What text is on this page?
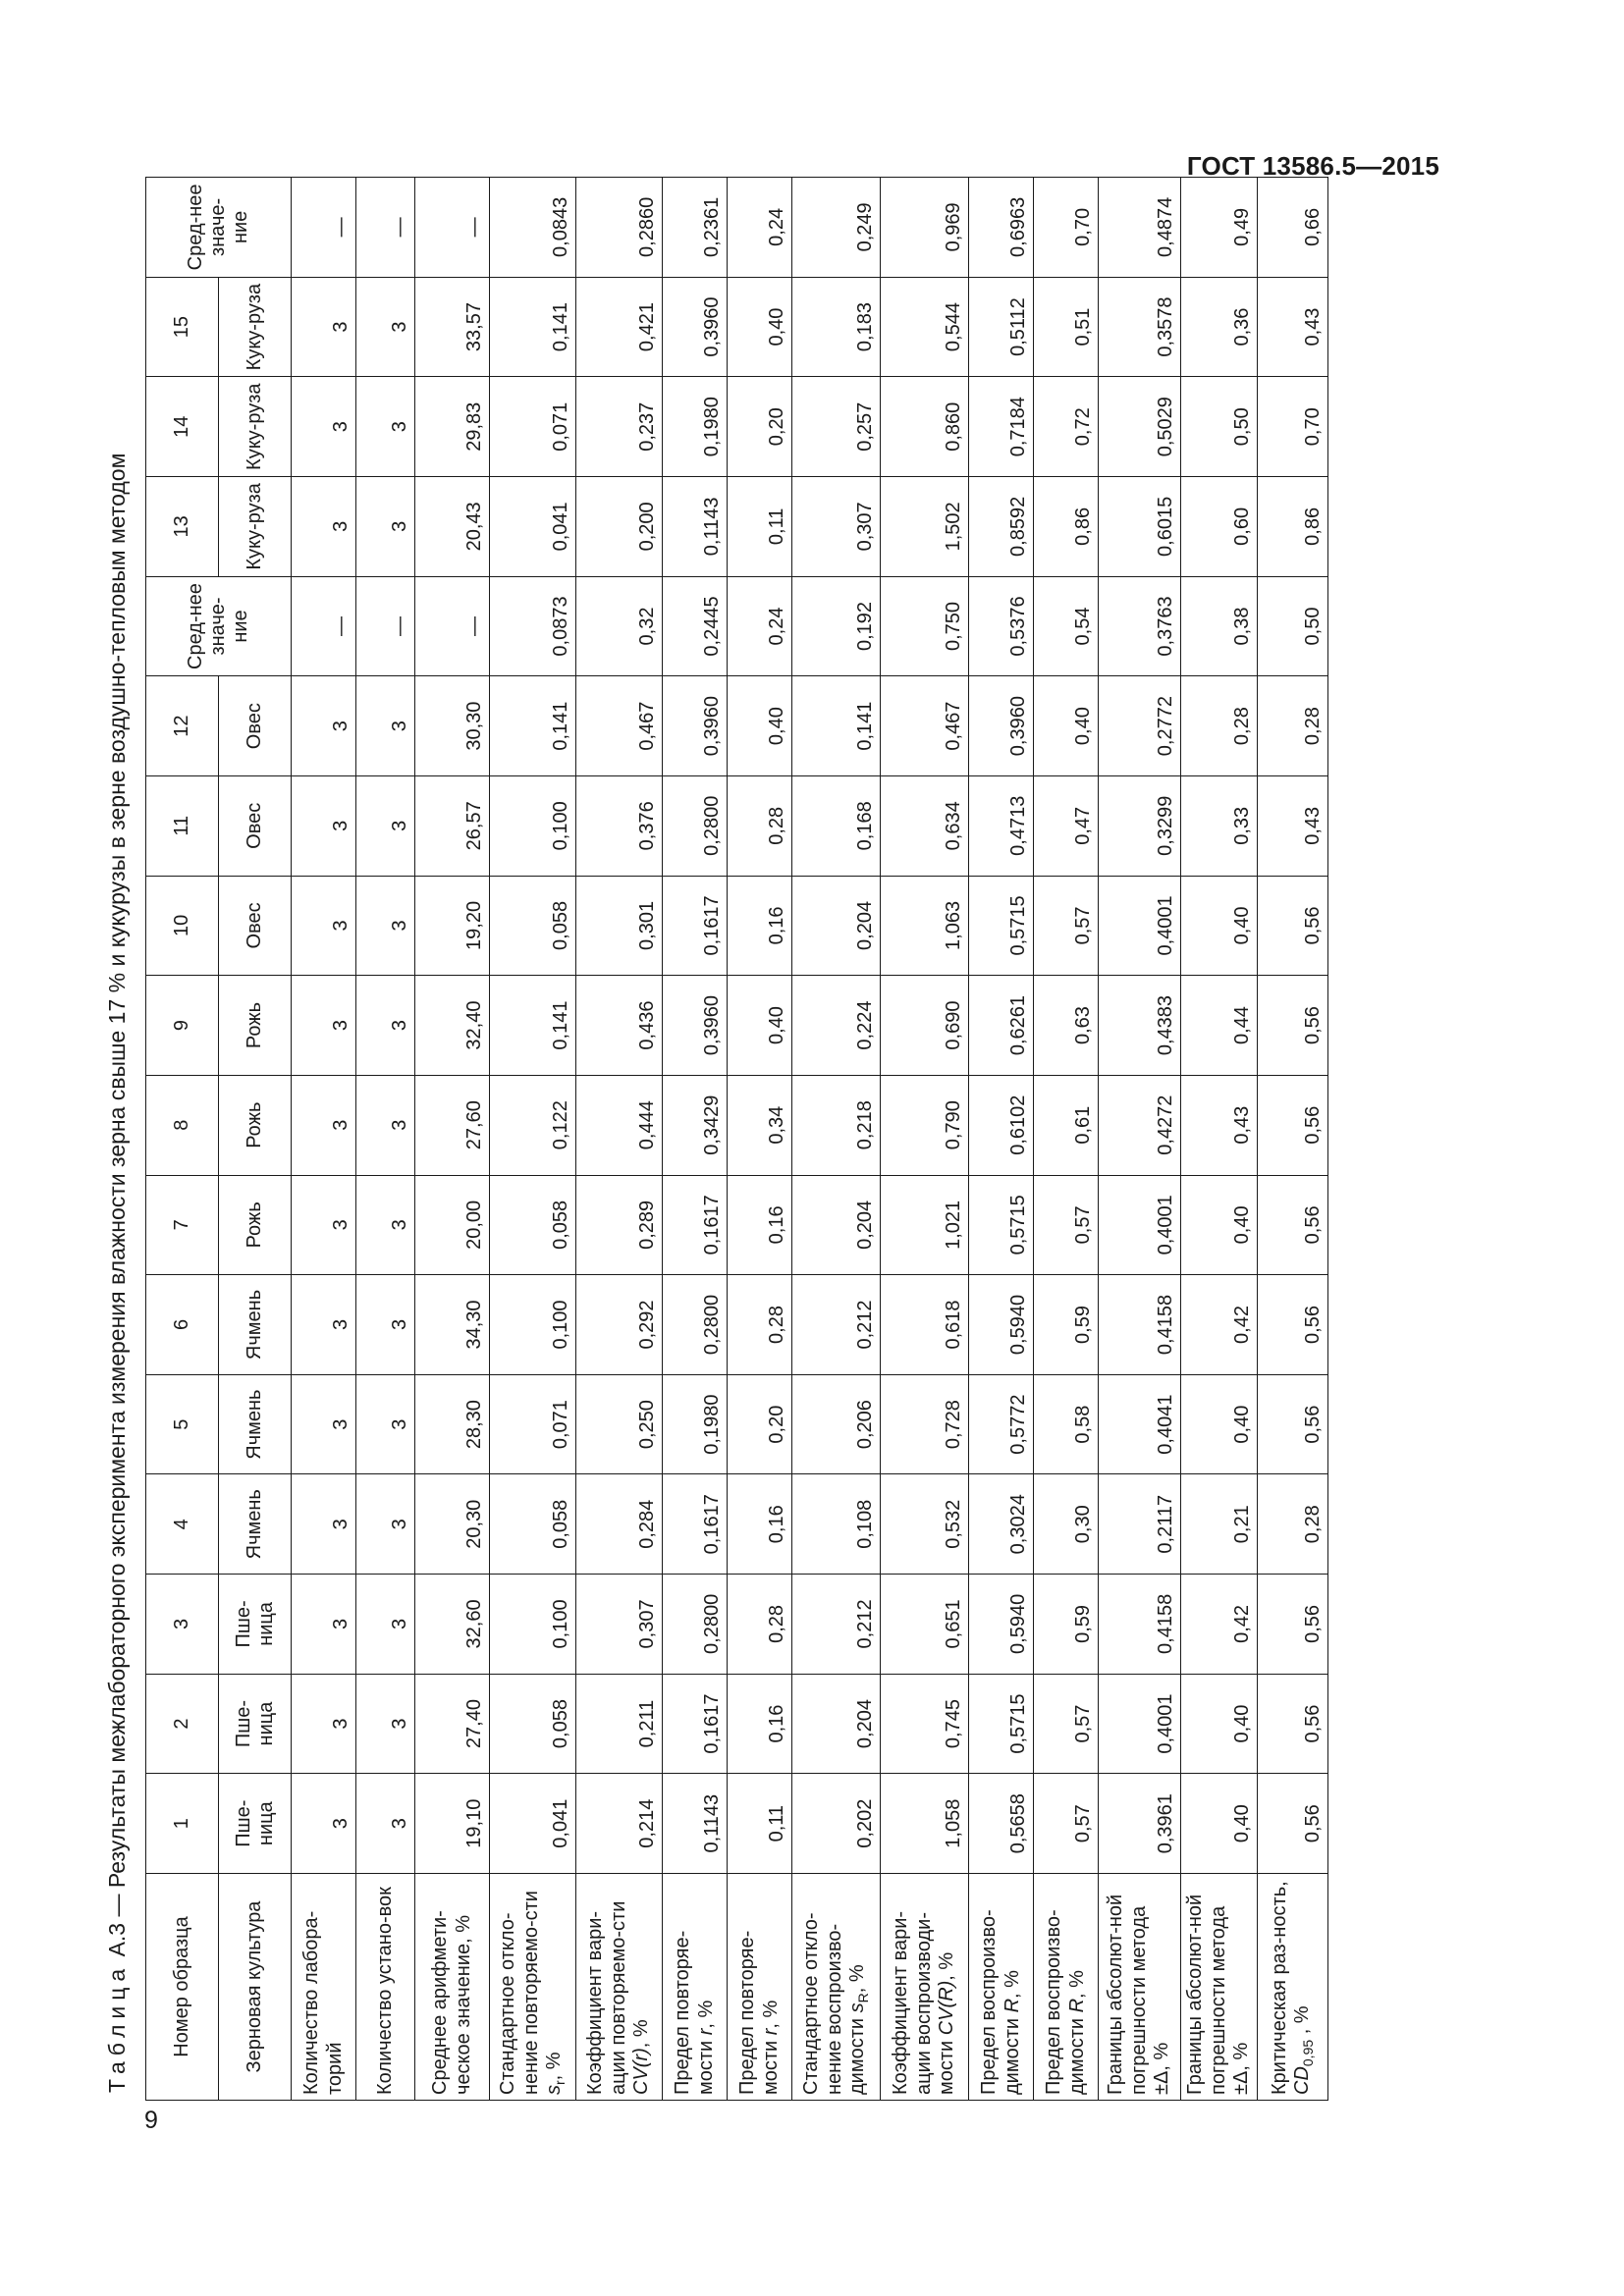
ГОСТ 13586.5—2015
9
Таблица А.3 — Результаты межлабораторного эксперимента измерения влажности зерна свыше 17 % и кукурузы в зерне воздушно-тепловым методом
Номер образца	1	2	3	4	5	6	7	8	9	10	11	12	Сред-нее значе-ние	13	14	15	Сред-нее значе-ние
Зерновая культура	Пше-ница	Пше-ница	Пше-ница	Ячмень	Ячмень	Ячмень	Рожь	Рожь	Рожь	Овес	Овес	Овес		Куку-руза	Куку-руза	Куку-руза	
Количество лабора-торий	3	3	3	3	3	3	3	3	3	3	3	3	—	3	3	3	—
Количество устано-вок	3	3	3	3	3	3	3	3	3	3	3	3	—	3	3	3	—
Среднее арифмети-ческое значение, %	19,10	27,40	32,60	20,30	28,30	34,30	20,00	27,60	32,40	19,20	26,57	30,30	—	20,43	29,83	33,57	—
Стандартное откло-нение повторяемо-сти $s_r$, %	0,041	0,058	0,100	0,058	0,071	0,100	0,058	0,122	0,141	0,058	0,100	0,141	0,0873	0,041	0,071	0,141	0,0843
Коэффициент вари-ации повторяемо-сти CV(r), %	0,214	0,211	0,307	0,284	0,250	0,292	0,289	0,444	0,436	0,301	0,376	0,467	0,32	0,200	0,237	0,421	0,2860
Предел повторяе-мости r, %	0,1143	0,1617	0,2800	0,1617	0,1980	0,2800	0,1617	0,3429	0,3960	0,1617	0,2800	0,3960	0,2445	0,1143	0,1980	0,3960	0,2361
Предел повторяе-мости r, %	0,11	0,16	0,28	0,16	0,20	0,28	0,16	0,34	0,40	0,16	0,28	0,40	0,24	0,11	0,20	0,40	0,24
Стандартное откло-нение воспроизво-димости $s_R$, %	0,202	0,204	0,212	0,108	0,206	0,212	0,204	0,218	0,224	0,204	0,168	0,141	0,192	0,307	0,257	0,183	0,249
Коэффициент вари-ации воспроизводи-мости CV(R), %	1,058	0,745	0,651	0,532	0,728	0,618	1,021	0,790	0,690	1,063	0,634	0,467	0,750	1,502	0,860	0,544	0,969
Предел воспроизво-димости R, %	0,5658	0,5715	0,5940	0,3024	0,5772	0,5940	0,5715	0,6102	0,6261	0,5715	0,4713	0,3960	0,5376	0,8592	0,7184	0,5112	0,6963
Предел воспроизво-димости R, %	0,57	0,57	0,59	0,30	0,58	0,59	0,57	0,61	0,63	0,57	0,47	0,40	0,54	0,86	0,72	0,51	0,70
Границы абсолют-ной погрешности метода ±Δ, %	0,3961	0,4001	0,4158	0,2117	0,4041	0,4158	0,4001	0,4272	0,4383	0,4001	0,3299	0,2772	0,3763	0,6015	0,5029	0,3578	0,4874
Границы абсолют-ной погрешности метода ±Δ, %	0,40	0,40	0,42	0,21	0,40	0,42	0,40	0,43	0,44	0,40	0,33	0,28	0,38	0,60	0,50	0,36	0,49
Критическая раз-ность, $CD_{0,95}$ , %	0,56	0,56	0,56	0,28	0,56	0,56	0,56	0,56	0,56	0,56	0,43	0,28	0,50	0,86	0,70	0,43	0,66
